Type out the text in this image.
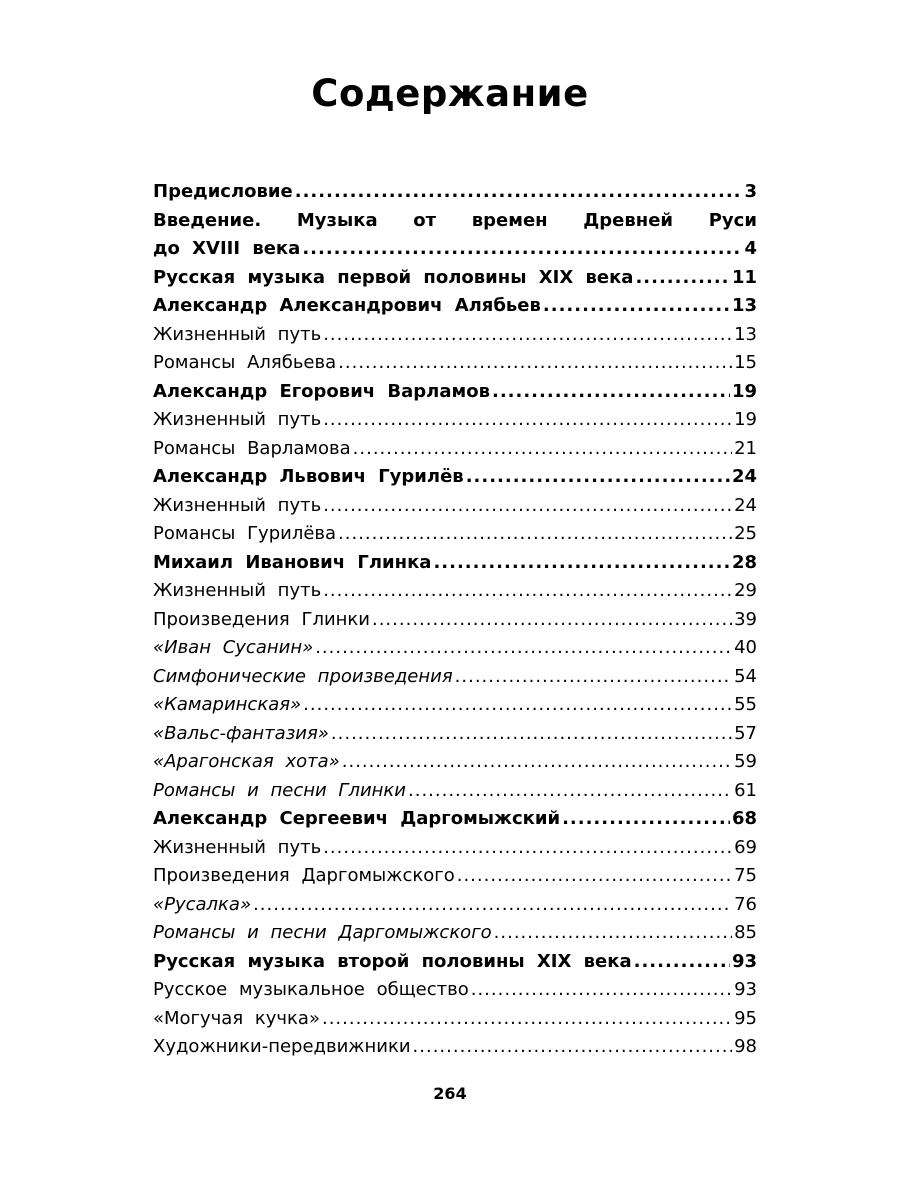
Содержание
Предисловие .....	3
Введение. Музыка от времен Древней Руси
до XVIII века .....	4
Русская музыка первой половины XIX века .....	11
Александр Александрович Алябьев .....	13
Жизненный путь .....	13
Романсы Алябьева .....	15
Александр Егорович Варламов .....	19
Жизненный путь .....	19
Романсы Варламова .....	21
Александр Львович Гурилёв .....	24
Жизненный путь .....	24
Романсы Гурилёва .....	25
Михаил Иванович Глинка .....	28
Жизненный путь .....	29
Произведения Глинки .....	39
«Иван Сусанин» .....	40
Симфонические произведения .....	54
«Камаринская» .....	55
«Вальс-фантазия» .....	57
«Арагонская хота» .....	59
Романсы и песни Глинки .....	61
Александр Сергеевич Даргомыжский .....	68
Жизненный путь .....	69
Произведения Даргомыжского .....	75
«Русалка» .....	76
Романсы и песни Даргомыжского .....	85
Русская музыка второй половины XIX века .....	93
Русское музыкальное общество .....	93
«Могучая кучка» .....	95
Художники-передвижники .....	98
264
